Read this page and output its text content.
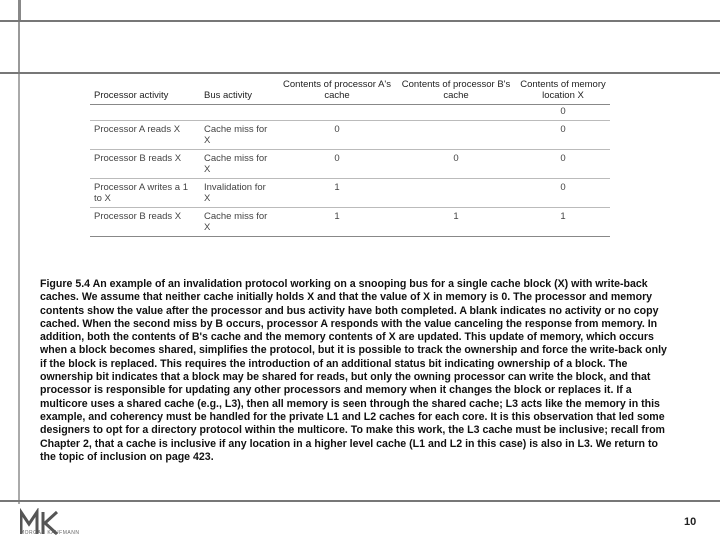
Processor activity	Bus activity	Contents of processor A's cache	Contents of processor B's cache	Contents of memory location X
				0
Processor A reads X	Cache miss for X	0		0
Processor B reads X	Cache miss for X	0	0	0
Processor A writes a 1 to X	Invalidation for X	1		0
Processor B reads X	Cache miss for X	1	1	1

Figure 5.4 An example of an invalidation protocol working on a snooping bus for a single cache block (X) with write-back caches. We assume that neither cache initially holds X and that the value of X in memory is 0. The processor and memory contents show the value after the processor and bus activity have both completed. A blank indicates no activity or no copy cached. When the second miss by B occurs, processor A responds with the value canceling the response from memory. In addition, both the contents of B's cache and the memory contents of X are updated. This update of memory, which occurs when a block becomes shared, simplifies the protocol, but it is possible to track the ownership and force the write-back only if the block is replaced. This requires the introduction of an additional status bit indicating ownership of a block. The ownership bit indicates that a block may be shared for reads, but only the owning processor can write the block, and that processor is responsible for updating any other processors and memory when it changes the block or replaces it. If a multicore uses a shared cache (e.g., L3), then all memory is seen through the shared cache; L3 acts like the memory in this example, and coherency must be handled for the private L1 and L2 caches for each core. It is this observation that led some designers to opt for a directory protocol within the multicore. To make this work, the L3 cache must be inclusive; recall from Chapter 2, that a cache is inclusive if any location in a higher level cache (L1 and L2 in this case) is also in L3. We return to the topic of inclusion on page 423.

MORGAN KAUFMANN
10
